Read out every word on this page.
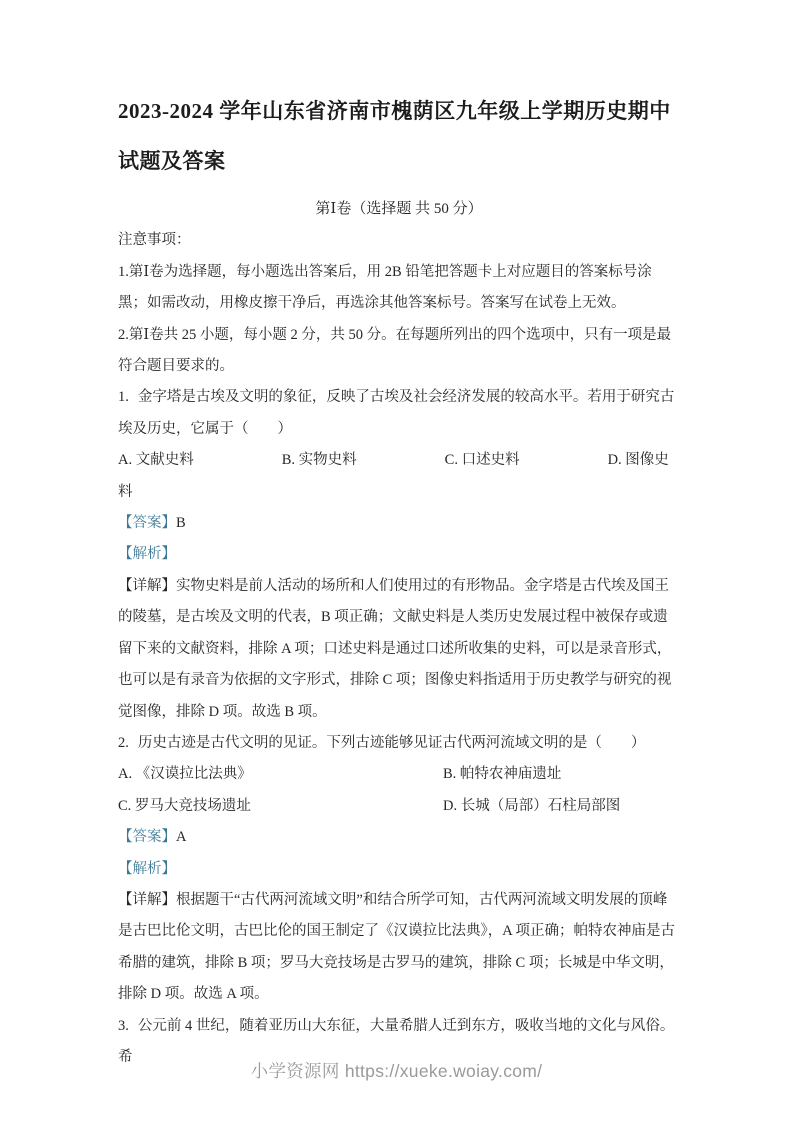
2023-2024 学年山东省济南市槐荫区九年级上学期历史期中试题及答案
第Ⅰ卷（选择题 共 50 分）

注意事项：

1.第Ⅰ卷为选择题，每小题选出答案后，用 2B 铅笔把答题卡上对应题目的答案标号涂黑；如需改动，用橡皮擦干净后，再选涂其他答案标号。答案写在试卷上无效。

2.第Ⅰ卷共 25 小题，每小题 2 分，共 50 分。在每题所列出的四个选项中，只有一项是最符合题目要求的。

1. 金字塔是古埃及文明的象征，反映了古埃及社会经济发展的较高水平。若用于研究古埃及历史，它属于（　　）

A. 文献史料	B. 实物史料	C. 口述史料	D. 图像史料

【答案】B

【解析】

【详解】实物史料是前人活动的场所和人们使用过的有形物品。金字塔是古代埃及国王的陵墓，是古埃及文明的代表，B 项正确；文献史料是人类历史发展过程中被保存或遗留下来的文献资料，排除 A 项；口述史料是通过口述所收集的史料，可以是录音形式，也可以是有录音为依据的文字形式，排除 C 项；图像史料指适用于历史教学与研究的视觉图像，排除 D 项。故选 B 项。

2. 历史古迹是古代文明的见证。下列古迹能够见证古代两河流域文明的是（　　）

A. 《汉谟拉比法典》	B. 帕特农神庙遗址
C. 罗马大竞技场遗址	D. 长城（局部）石柱局部图

【答案】A

【解析】

【详解】根据题干“古代两河流域文明”和结合所学可知，古代两河流域文明发展的顶峰是古巴比伦文明，古巴比伦的国王制定了《汉谟拉比法典》，A 项正确；帕特农神庙是古希腊的建筑，排除 B 项；罗马大竞技场是古罗马的建筑，排除 C 项；长城是中华文明，排除 D 项。故选 A 项。

3. 公元前 4 世纪，随着亚历山大东征，大量希腊人迁到东方，吸收当地的文化与风俗。希

小学资源网 https://xueke.woiay.com/
